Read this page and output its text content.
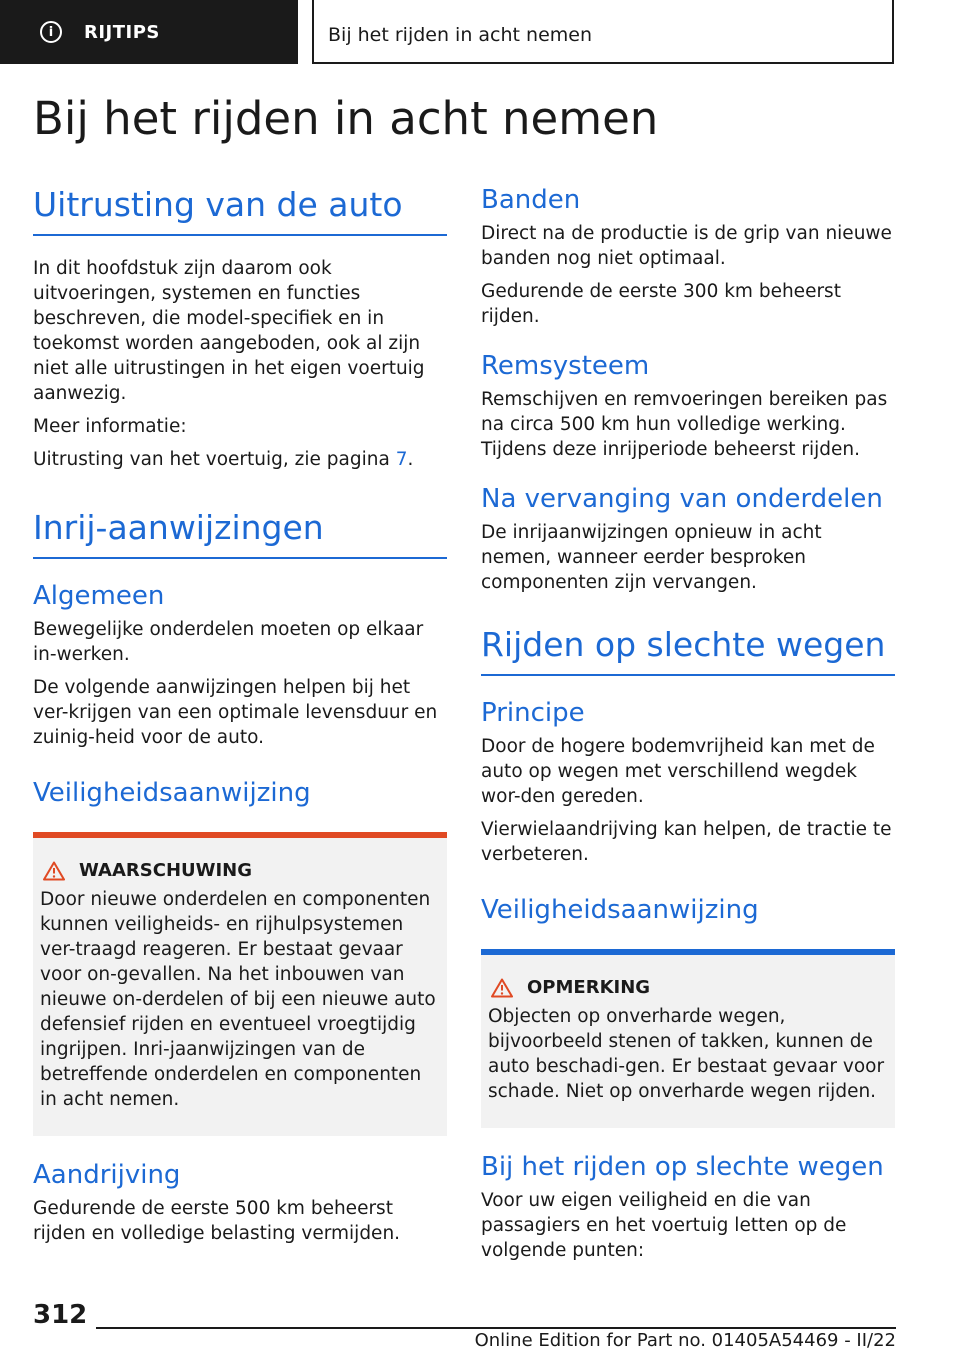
i	RIJTIPS	Bij het rijden in acht nemen
Bij het rijden in acht nemen
Uitrusting van de auto

In dit hoofdstuk zijn daarom ook uitvoeringen, systemen en functies beschreven, die model-specifiek en in toekomst worden aangeboden, ook al zijn niet alle uitrustingen in het eigen voertuig aanwezig.

Meer informatie:

Uitrusting van het voertuig, zie pagina 7.

Inrij-aanwijzingen
Algemeen

Bewegelijke onderdelen moeten op elkaar in-werken.

De volgende aanwijzingen helpen bij het ver-krijgen van een optimale levensduur en zuinig-heid voor de auto.

Veiligheidsaanwijzing
WAARSCHUWING

Door nieuwe onderdelen en componenten kunnen veiligheids- en rijhulpsystemen ver-traagd reageren. Er bestaat gevaar voor on-gevallen. Na het inbouwen van nieuwe on-derdelen of bij een nieuwe auto defensief rijden en eventueel vroegtijdig ingrijpen. Inri-jaanwijzingen van de betreffende onderdelen en componenten in acht nemen.

Aandrijving

Gedurende de eerste 500 km beheerst rijden en volledige belasting vermijden.

Banden

Direct na de productie is de grip van nieuwe banden nog niet optimaal.

Gedurende de eerste 300 km beheerst rijden.

Remsysteem

Remschijven en remvoeringen bereiken pas na circa 500 km hun volledige werking. Tijdens deze inrijperiode beheerst rijden.

Na vervanging van onderdelen

De inrijaanwijzingen opnieuw in acht nemen, wanneer eerder besproken componenten zijn vervangen.

Rijden op slechte wegen
Principe

Door de hogere bodemvrijheid kan met de auto op wegen met verschillend wegdek wor-den gereden.

Vierwielaandrijving kan helpen, de tractie te verbeteren.

Veiligheidsaanwijzing
OPMERKING

Objecten op onverharde wegen, bijvoorbeeld stenen of takken, kunnen de auto beschadi-gen. Er bestaat gevaar voor schade. Niet op onverharde wegen rijden.

Bij het rijden op slechte wegen

Voor uw eigen veiligheid en die van passagiers en het voertuig letten op de volgende punten:

312
Online Edition for Part no. 01405A54469 - II/22
